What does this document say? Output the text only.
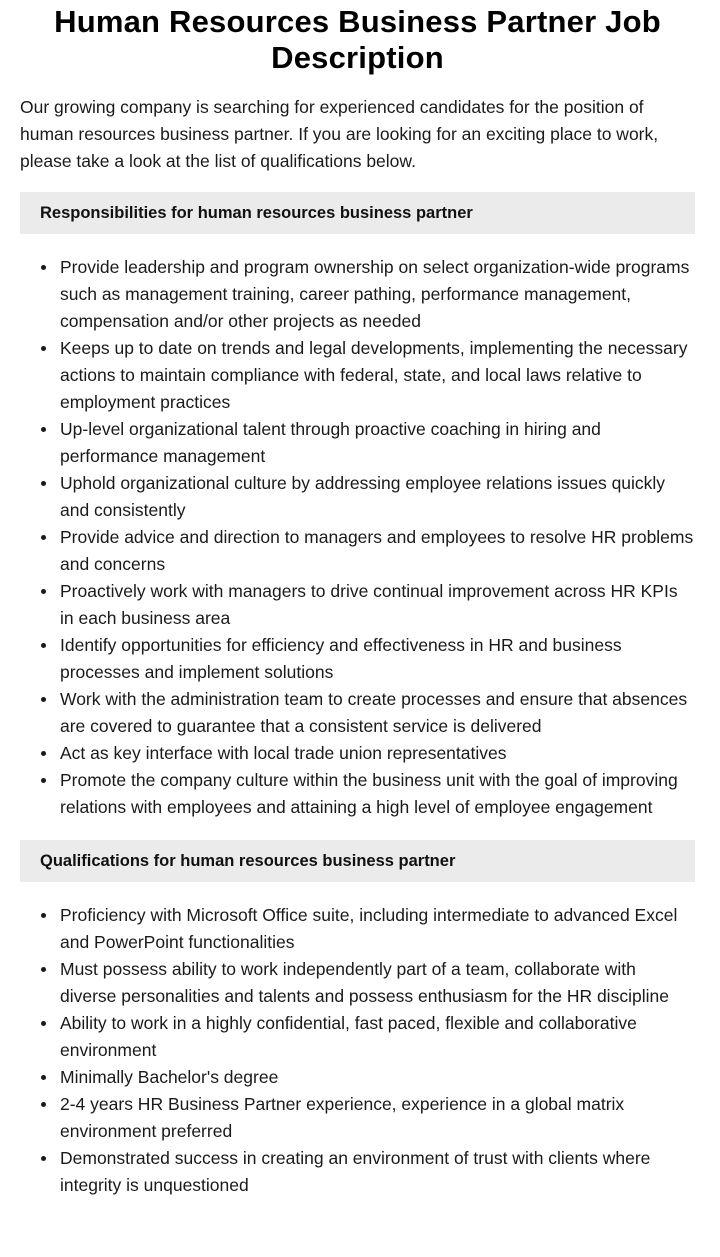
Human Resources Business Partner Job Description

Our growing company is searching for experienced candidates for the position of human resources business partner. If you are looking for an exciting place to work, please take a look at the list of qualifications below.

Responsibilities for human resources business partner
Provide leadership and program ownership on select organization-wide programs such as management training, career pathing, performance management, compensation and/or other projects as needed
Keeps up to date on trends and legal developments, implementing the necessary actions to maintain compliance with federal, state, and local laws relative to employment practices
Up-level organizational talent through proactive coaching in hiring and performance management
Uphold organizational culture by addressing employee relations issues quickly and consistently
Provide advice and direction to managers and employees to resolve HR problems and concerns
Proactively work with managers to drive continual improvement across HR KPIs in each business area
Identify opportunities for efficiency and effectiveness in HR and business processes and implement solutions
Work with the administration team to create processes and ensure that absences are covered to guarantee that a consistent service is delivered
Act as key interface with local trade union representatives
Promote the company culture within the business unit with the goal of improving relations with employees and attaining a high level of employee engagement
Qualifications for human resources business partner
Proficiency with Microsoft Office suite, including intermediate to advanced Excel and PowerPoint functionalities
Must possess ability to work independently part of a team, collaborate with diverse personalities and talents and possess enthusiasm for the HR discipline
Ability to work in a highly confidential, fast paced, flexible and collaborative environment
Minimally Bachelor's degree
2-4 years HR Business Partner experience, experience in a global matrix environment preferred
Demonstrated success in creating an environment of trust with clients where integrity is unquestioned
